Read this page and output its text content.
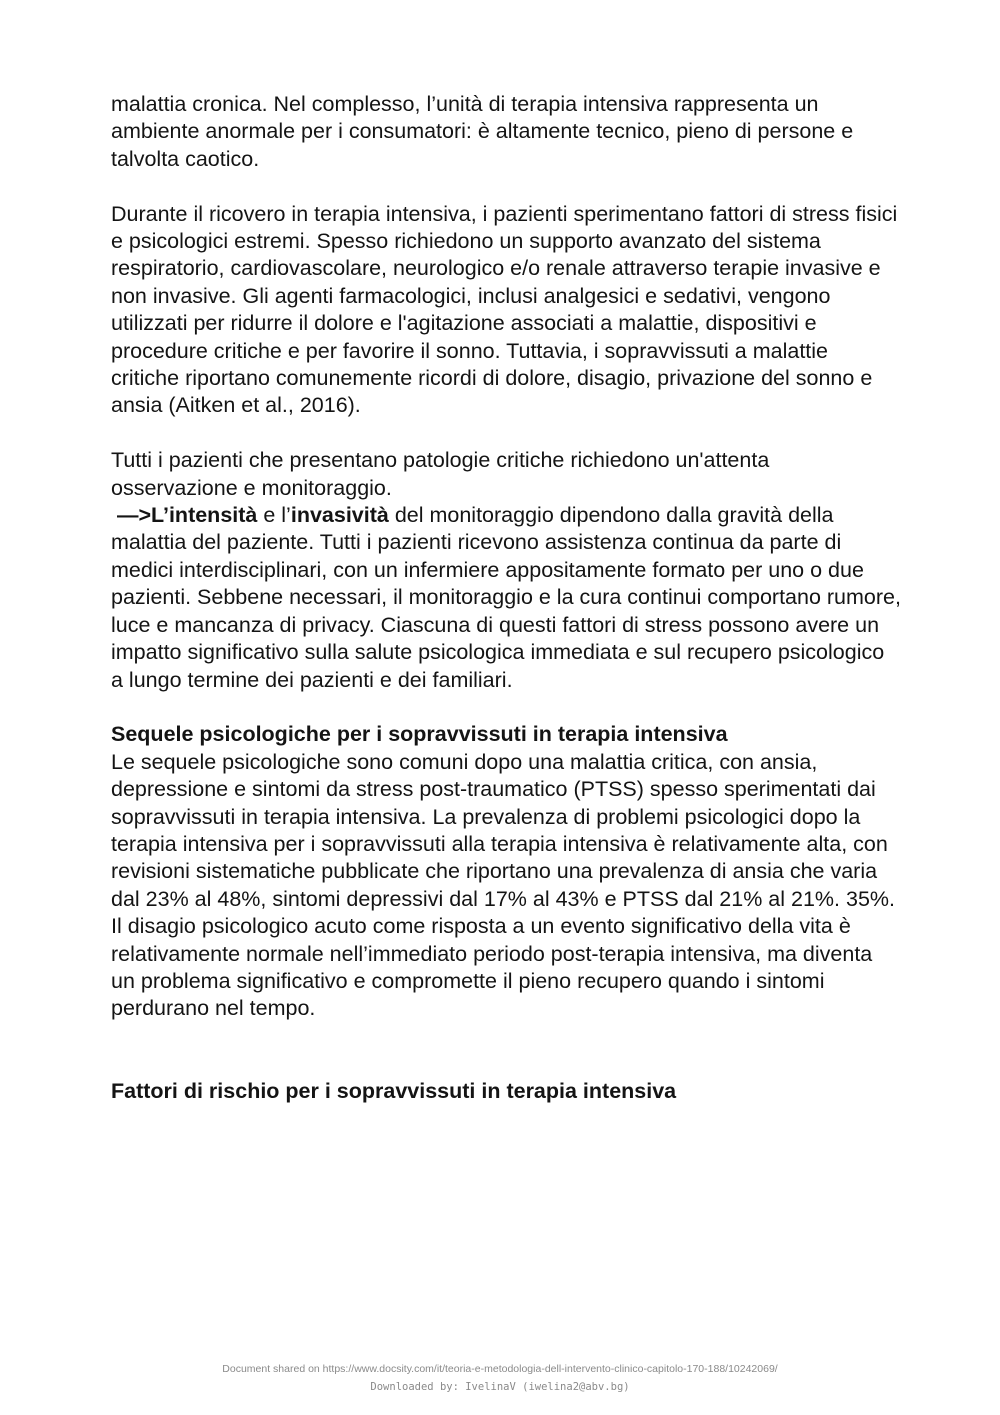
malattia cronica. Nel complesso, l’unità di terapia intensiva rappresenta un ambiente anormale per i consumatori: è altamente tecnico, pieno di persone e talvolta caotico.

Durante il ricovero in terapia intensiva, i pazienti sperimentano fattori di stress fisici e psicologici estremi. Spesso richiedono un supporto avanzato del sistema respiratorio, cardiovascolare, neurologico e/o renale attraverso terapie invasive e non invasive. Gli agenti farmacologici, inclusi analgesici e sedativi, vengono utilizzati per ridurre il dolore e l'agitazione associati a malattie, dispositivi e procedure critiche e per favorire il sonno. Tuttavia, i sopravvissuti a malattie critiche riportano comunemente ricordi di dolore, disagio, privazione del sonno e ansia (Aitken et al., 2016).

Tutti i pazienti che presentano patologie critiche richiedono un'attenta osservazione e monitoraggio.

—>L’intensità e l’invasività del monitoraggio dipendono dalla gravità della malattia del paziente. Tutti i pazienti ricevono assistenza continua da parte di medici interdisciplinari, con un infermiere appositamente formato per uno o due pazienti. Sebbene necessari, il monitoraggio e la cura continui comportano rumore, luce e mancanza di privacy. Ciascuna di questi fattori di stress possono avere un impatto significativo sulla salute psicologica immediata e sul recupero psicologico a lungo termine dei pazienti e dei familiari.

Sequele psicologiche per i sopravvissuti in terapia intensiva

Le sequele psicologiche sono comuni dopo una malattia critica, con ansia, depressione e sintomi da stress post-traumatico (PTSS) spesso sperimentati dai sopravvissuti in terapia intensiva. La prevalenza di problemi psicologici dopo la terapia intensiva per i sopravvissuti alla terapia intensiva è relativamente alta, con revisioni sistematiche pubblicate che riportano una prevalenza di ansia che varia dal 23% al 48%, sintomi depressivi dal 17% al 43% e PTSS dal 21% al 21%. 35%. Il disagio psicologico acuto come risposta a un evento significativo della vita è relativamente normale nell’immediato periodo post-terapia intensiva, ma diventa un problema significativo e compromette il pieno recupero quando i sintomi perdurano nel tempo.

Fattori di rischio per i sopravvissuti in terapia intensiva

Document shared on https://www.docsity.com/it/teoria-e-metodologia-dell-intervento-clinico-capitolo-170-188/10242069/
Downloaded by: IvelinaV (iwelina2@abv.bg)
